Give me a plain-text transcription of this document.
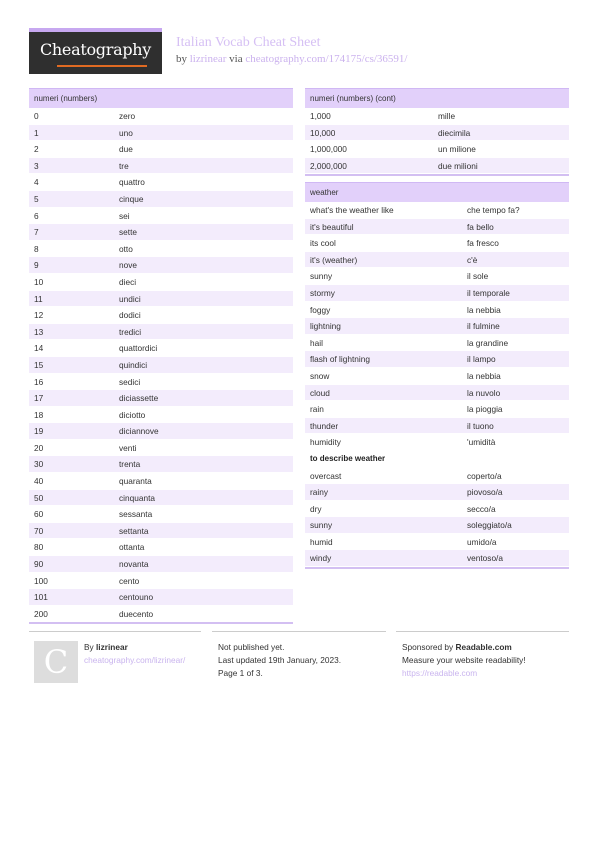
Cheatography	Italian Vocab Cheat Sheet
by lizrinear via cheatography.com/174175/cs/36591/
numeri (numbers)
0	zero
1	uno
2	due
3	tre
4	quattro
5	cinque
6	sei
7	sette
8	otto
9	nove
10	dieci
11	undici
12	dodici
13	tredici
14	quattordici
15	quindici
16	sedici
17	diciassette
18	diciotto
19	diciannove
20	venti
30	trenta
40	quaranta
50	cinquanta
60	sessanta
70	settanta
80	ottanta
90	novanta
100	cento
101	centouno
200	duecento
numeri (numbers) (cont)
1,000	mille
10,000	diecimila
1,000,000	un milione
2,000,000	due milioni
weather
what's the weather like	che tempo fa?
it's beautiful	fa bello
its cool	fa fresco
it's (weather)	c'è
sunny	il sole
stormy	il temporale
foggy	la nebbia
lightning	il fulmine
hail	la grandine
flash of lightning	il lampo
snow	la nebbia
cloud	la nuvolo
rain	la pioggia
thunder	il tuono
humidity	'umidità
to describe weather
overcast	coperto/a
rainy	piovoso/a
dry	secco/a
sunny	soleggiato/a
humid	umido/a
windy	ventoso/a
C	By lizrinear
cheatography.com/lizrinear/
Not published yet.
Last updated 19th January, 2023.
Page 1 of 3.
Sponsored by Readable.com
Measure your website readability!
https://readable.com
